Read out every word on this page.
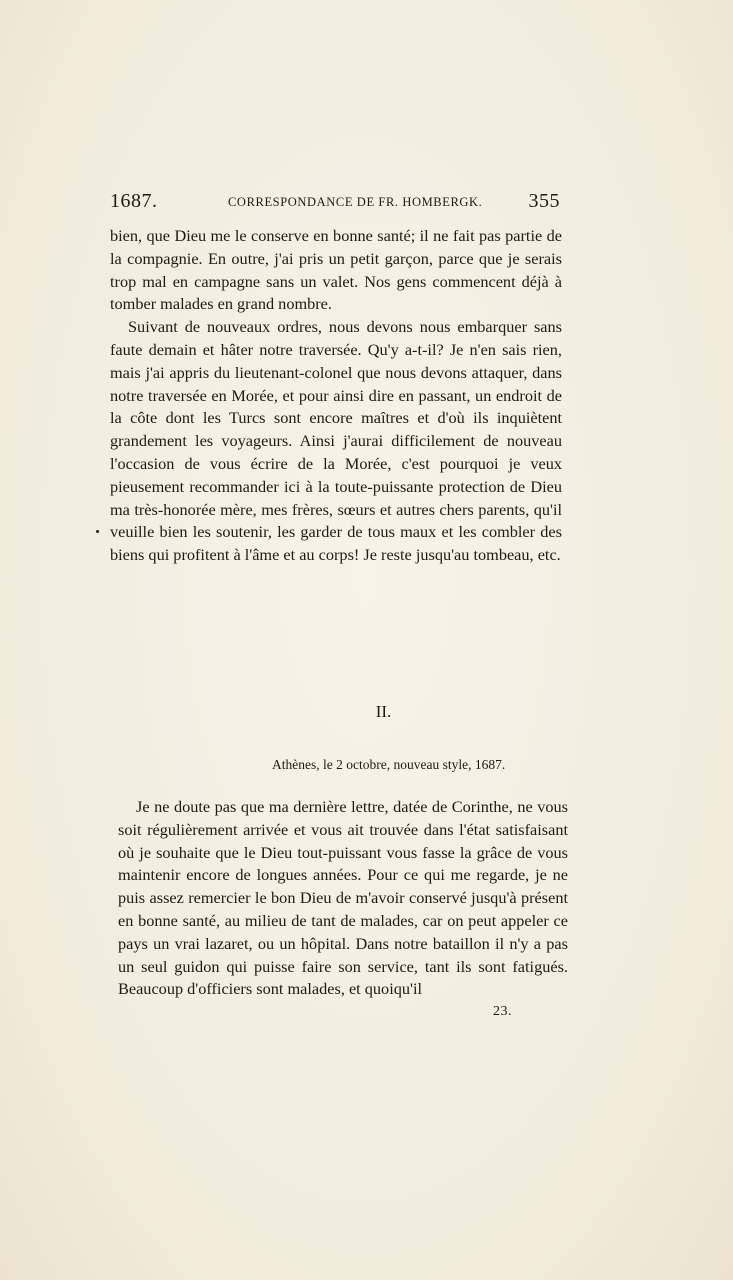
1687.	CORRESPONDANCE DE FR. HOMBERGK. 355

bien, que Dieu me le conserve en bonne santé; il ne fait pas partie de la compagnie. En outre, j'ai pris un petit garçon, parce que je serais trop mal en campagne sans un valet. Nos gens commencent déjà à tomber malades en grand nombre.

Suivant de nouveaux ordres, nous devons nous embarquer sans faute demain et hâter notre traversée. Qu'y a-t-il? Je n'en sais rien, mais j'ai appris du lieutenant-colonel que nous devons attaquer, dans notre traversée en Morée, et pour ainsi dire en passant, un endroit de la côte dont les Turcs sont encore maîtres et d'où ils inquiètent grandement les voyageurs. Ainsi j'aurai difficilement de nouveau l'occasion de vous écrire de la Morée, c'est pourquoi je veux pieusement recommander ici à la toute-puissante protection de Dieu ma très-honorée mère, mes frères, sœurs et autres chers parents, qu'il veuille bien les soutenir, les garder de tous maux et les combler des biens qui profitent à l'âme et au corps! Je reste jusqu'au tombeau, etc.

II.
Athènes, le 2 octobre, nouveau style, 1687.

Je ne doute pas que ma dernière lettre, datée de Corinthe, ne vous soit régulièrement arrivée et vous ait trouvée dans l'état satisfaisant où je souhaite que le Dieu tout-puissant vous fasse la grâce de vous maintenir encore de longues années. Pour ce qui me regarde, je ne puis assez remercier le bon Dieu de m'avoir conservé jusqu'à présent en bonne santé, au milieu de tant de malades, car on peut appeler ce pays un vrai lazaret, ou un hôpital. Dans notre bataillon il n'y a pas un seul guidon qui puisse faire son service, tant ils sont fatigués. Beaucoup d'officiers sont malades, et quoiqu'il

23.
